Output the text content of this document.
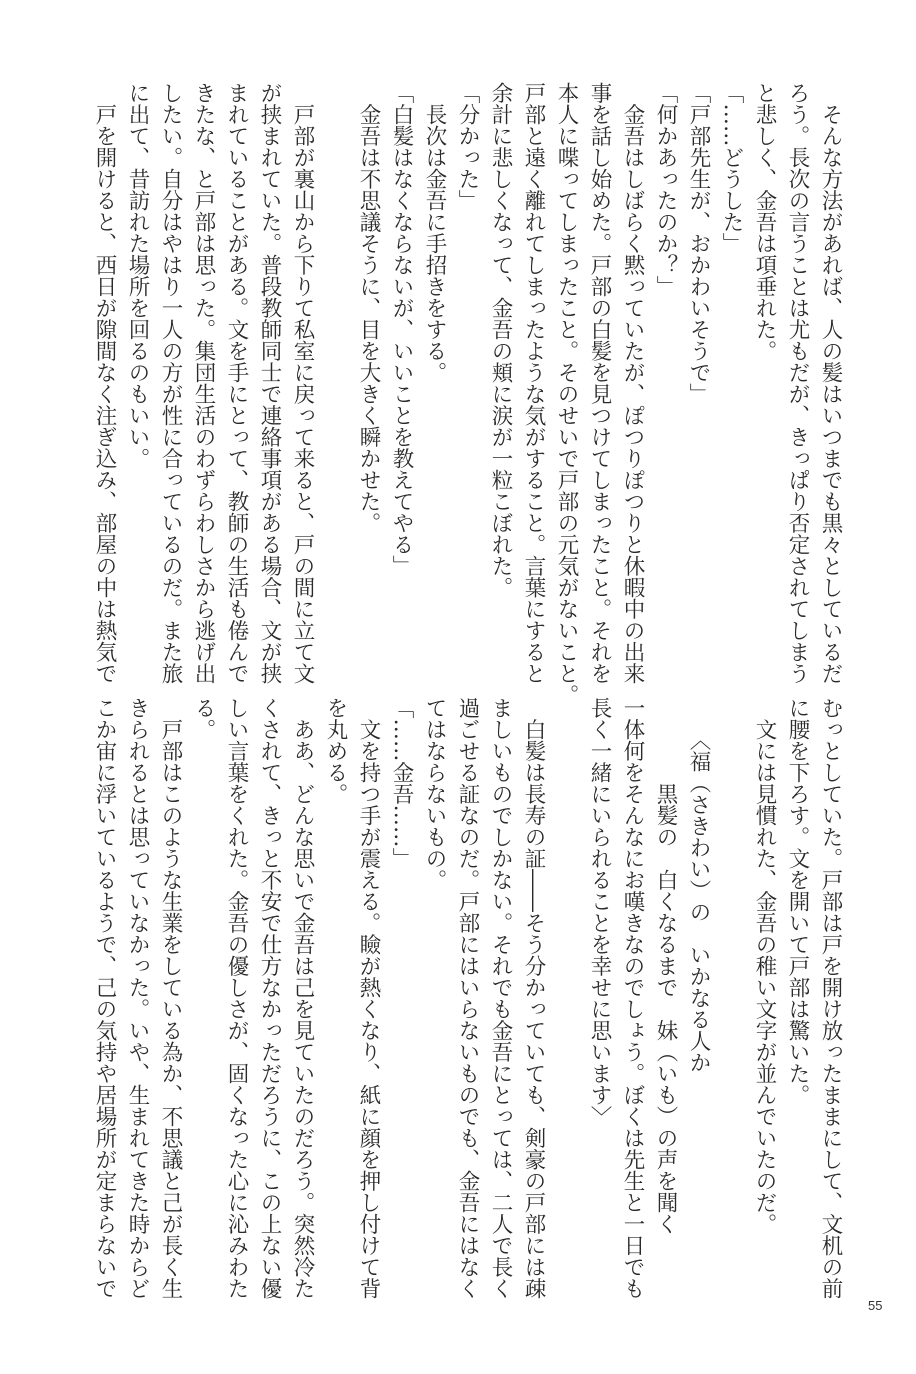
　そんな方法があれば、人の髪はいつまでも黒々としているだ
ろう。長次の言うことは尤もだが、きっぱり否定されてしまう
と悲しく、金吾は項垂れた。
「……どうした」
「戸部先生が、おかわいそうで」
「何かあったのか？」
　金吾はしばらく黙っていたが、ぽつりぽつりと休暇中の出来
事を話し始めた。戸部の白髪を見つけてしまったこと。それを
本人に喋ってしまったこと。そのせいで戸部の元気がないこと。
戸部と遠く離れてしまったような気がすること。言葉にすると
余計に悲しくなって、金吾の頬に涙が一粒こぼれた。
「分かった」
　長次は金吾に手招きをする。
「白髪はなくならないが、いいことを教えてやる」
　金吾は不思議そうに、目を大きく瞬かせた。
　戸部が裏山から下りて私室に戻って来ると、戸の間に立て文
が挟まれていた。普段教師同士で連絡事項がある場合、文が挟
まれていることがある。文を手にとって、教師の生活も倦んで
きたな、と戸部は思った。集団生活のわずらわしさから逃げ出
したい。自分はやはり一人の方が性に合っているのだ。また旅
に出て、昔訪れた場所を回るのもいい。
　戸を開けると、西日が隙間なく注ぎ込み、部屋の中は熱気で
むっとしていた。戸部は戸を開け放ったままにして、文机の前
に腰を下ろす。文を開いて戸部は驚いた。
　文には見慣れた、金吾の稚い文字が並んでいたのだ。
　　〈福（さきわい）の　いかなる人か
　　　　黒髪の　白くなるまで　妹（いも）の声を聞く
一体何をそんなにお嘆きなのでしょう。ぼくは先生と一日でも
長く一緒にいられることを幸せに思います〉
　白髪は長寿の証――そう分かっていても、剣豪の戸部には疎
ましいものでしかない。それでも金吾にとっては、二人で長く
過ごせる証なのだ。戸部にはいらないものでも、金吾にはなく
てはならないもの。
「……金吾……」
　文を持つ手が震える。瞼が熱くなり、紙に顔を押し付けて背
を丸める。
　ああ、どんな思いで金吾は己を見ていたのだろう。突然冷た
くされて、きっと不安で仕方なかっただろうに、この上ない優
しい言葉をくれた。金吾の優しさが、固くなった心に沁みわた
る。
　戸部はこのような生業をしている為か、不思議と己が長く生
きられるとは思っていなかった。いや、生まれてきた時からど
こか宙に浮いているようで、己の気持や居場所が定まらないで
55
